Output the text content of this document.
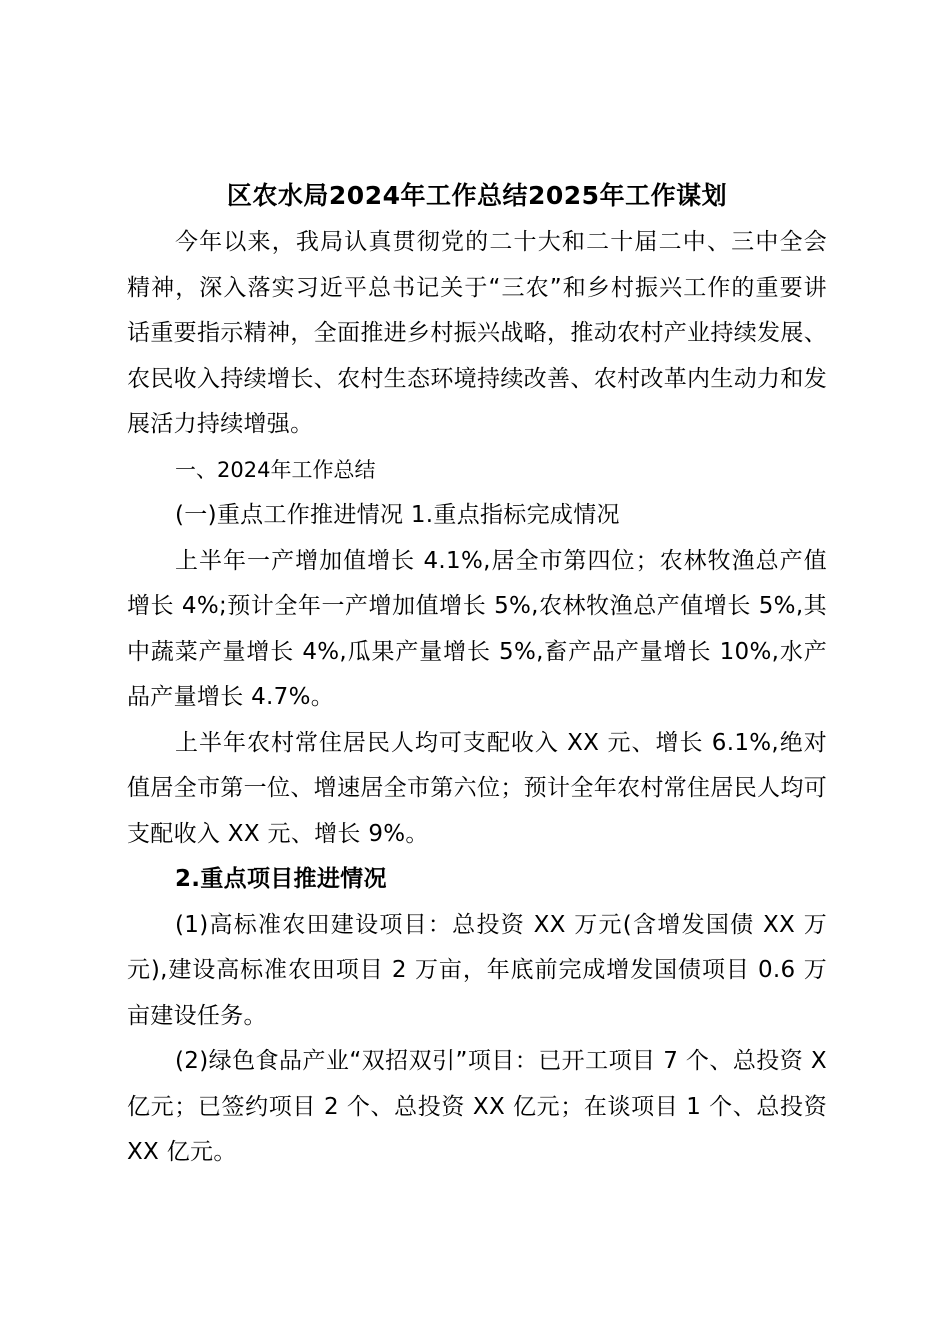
区农水局2024年工作总结2025年工作谋划

今年以来，我局认真贯彻党的二十大和二十届二中、三中全会精神，深入落实习近平总书记关于“三农”和乡村振兴工作的重要讲话重要指示精神，全面推进乡村振兴战略，推动农村产业持续发展、农民收入持续增长、农村生态环境持续改善、农村改革内生动力和发展活力持续增强。

一、2024年工作总结

(一)重点工作推进情况 1.重点指标完成情况

上半年一产增加值增长 4.1%,居全市第四位；农林牧渔总产值增长 4%;预计全年一产增加值增长 5%,农林牧渔总产值增长 5%,其中蔬菜产量增长 4%,瓜果产量增长 5%,畜产品产量增长 10%,水产品产量增长 4.7%。

上半年农村常住居民人均可支配收入 XX 元、增长 6.1%,绝对值居全市第一位、增速居全市第六位；预计全年农村常住居民人均可支配收入 XX 元、增长 9%。

2.重点项目推进情况

(1)高标准农田建设项目：总投资 XX 万元(含增发国债 XX 万元),建设高标准农田项目 2 万亩，年底前完成增发国债项目 0.6 万亩建设任务。

(2)绿色食品产业“双招双引”项目：已开工项目 7 个、总投资 X 亿元；已签约项目 2 个、总投资 XX 亿元；在谈项目 1 个、总投资 XX 亿元。
